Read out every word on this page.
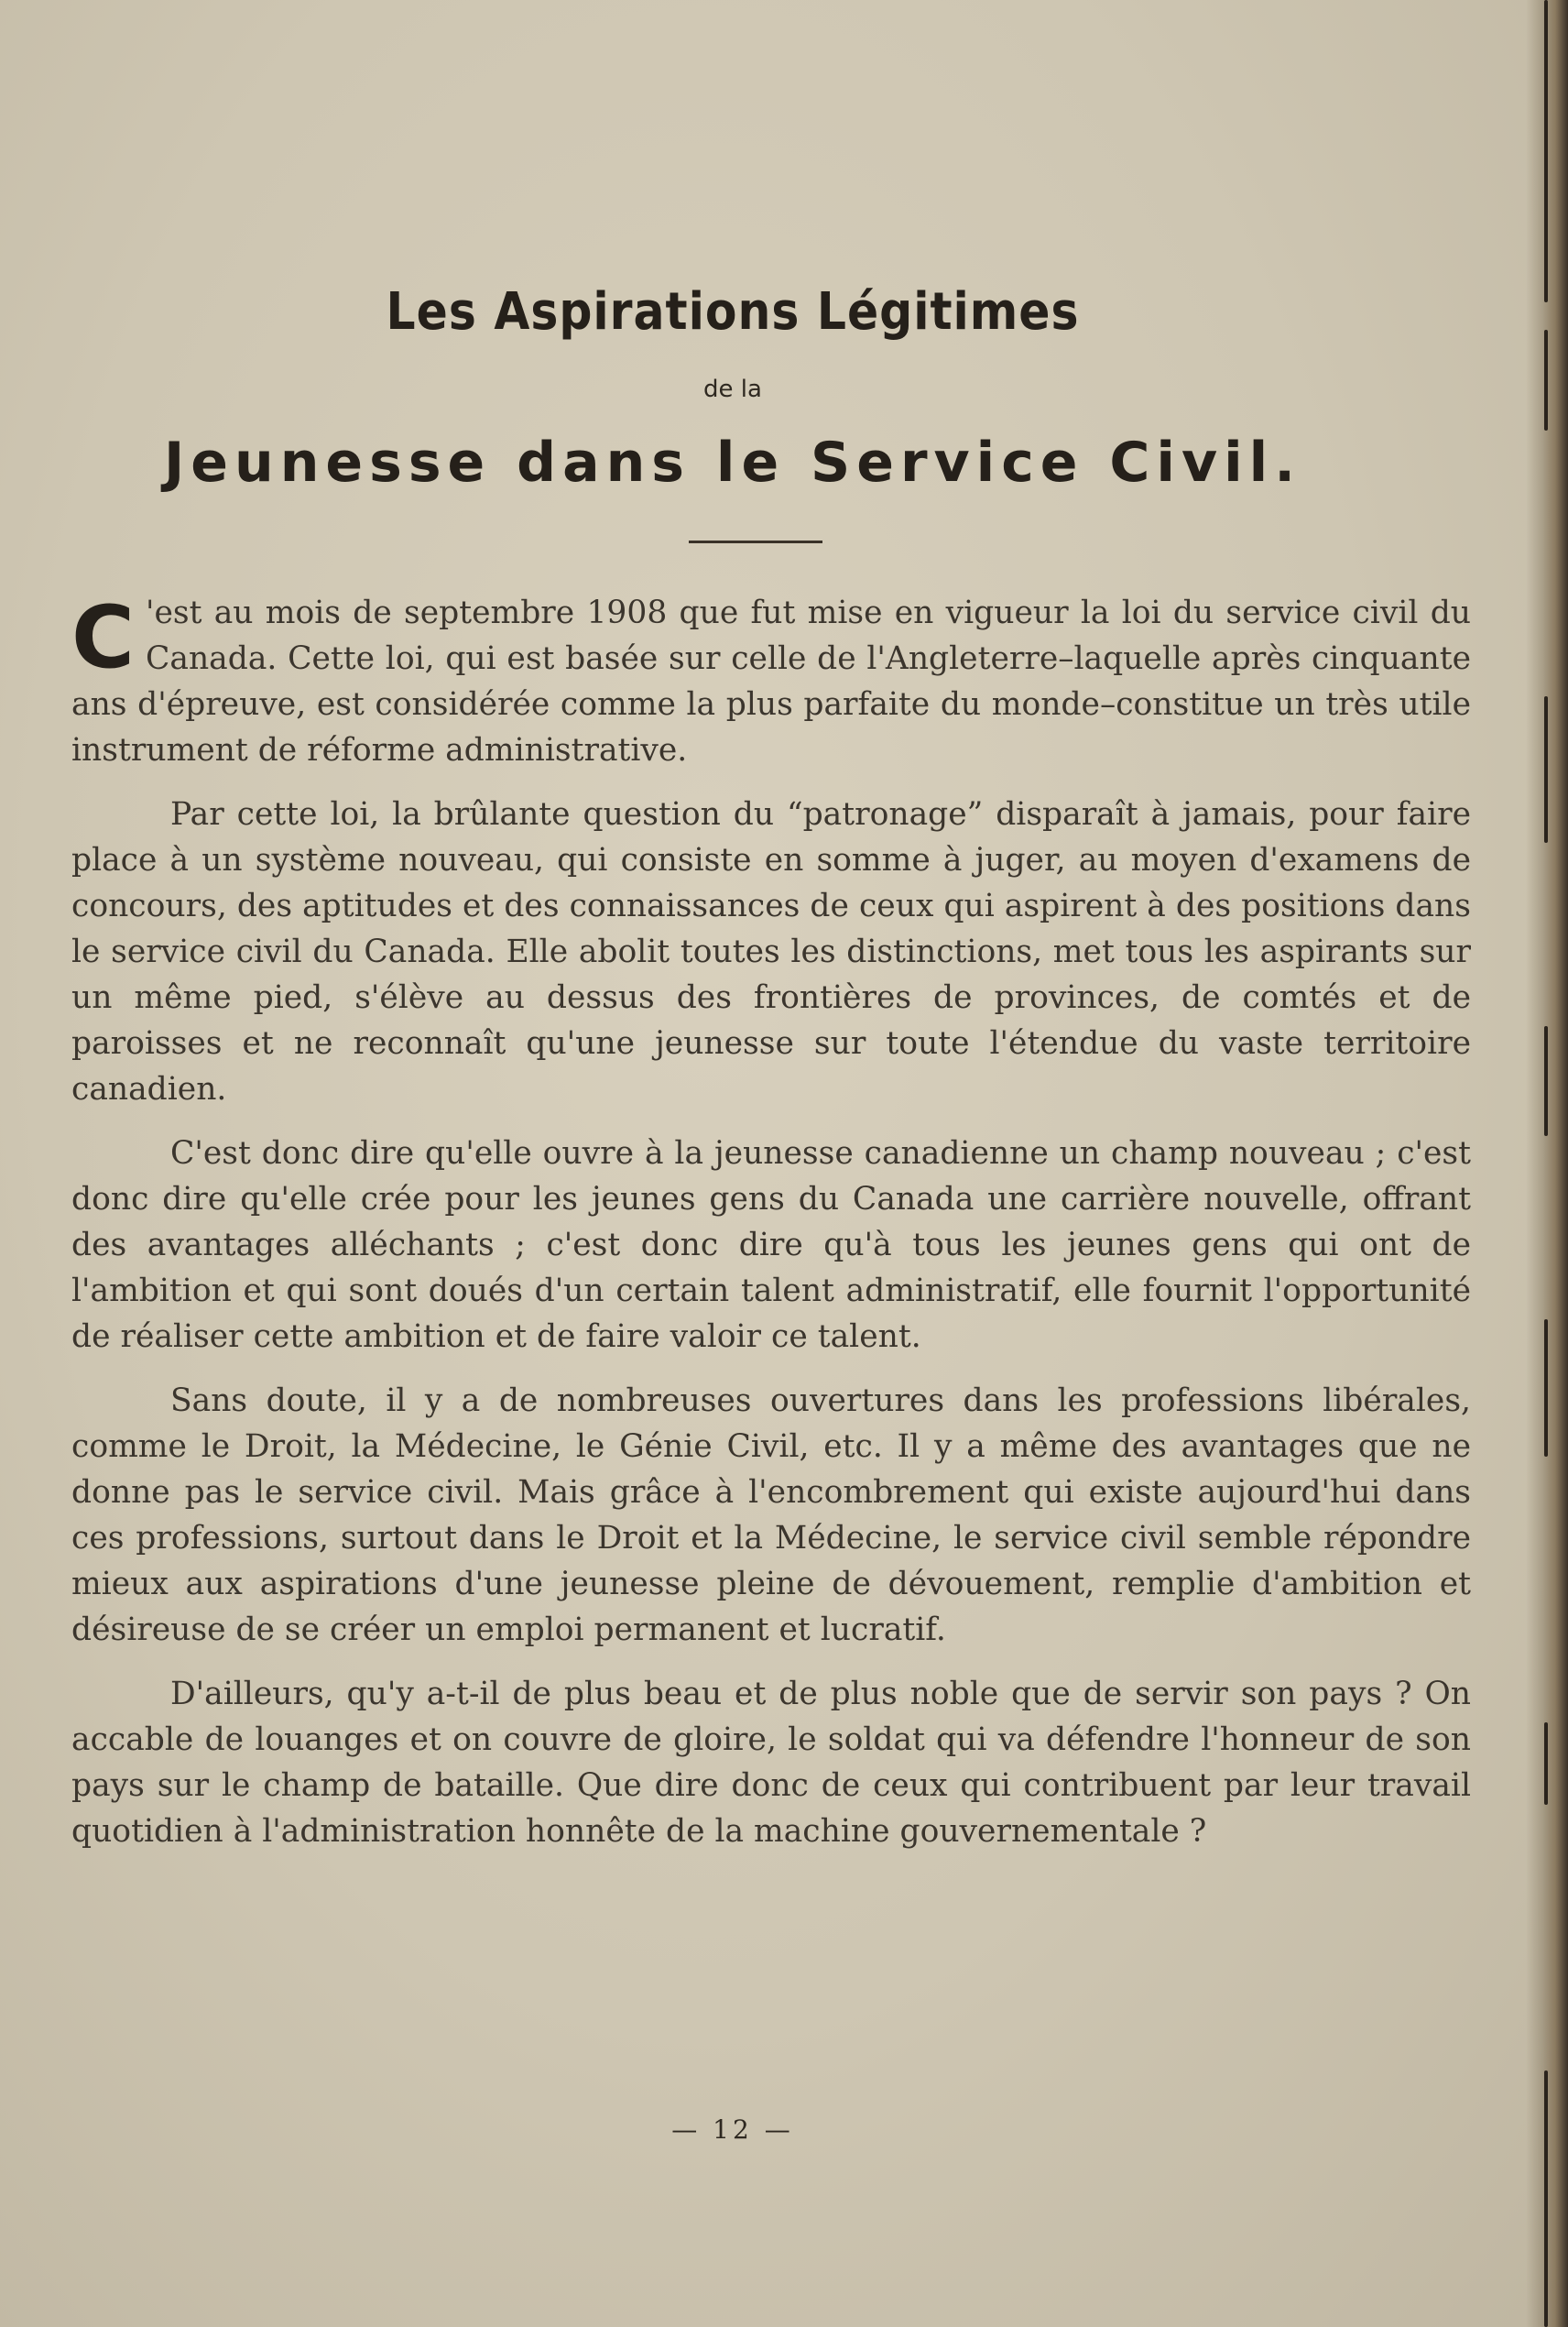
Les Aspirations Légitimes
de la
Jeunesse dans le Service Civil.

C 'est au mois de septembre 1908 que fut mise en vigueur la loi du service civil du Canada. Cette loi, qui est basée sur celle de l'Angleterre–laquelle après cinquante ans d'épreuve, est considérée comme la plus parfaite du monde–constitue un très utile instrument de réforme administrative.

Par cette loi, la brûlante question du “patronage” disparaît à jamais, pour faire place à un système nouveau, qui consiste en somme à juger, au moyen d'examens de concours, des aptitudes et des connaissances de ceux qui aspirent à des positions dans le service civil du Canada. Elle abolit toutes les distinctions, met tous les aspirants sur un même pied, s'élève au dessus des frontières de provinces, de comtés et de paroisses et ne reconnaît qu'une jeunesse sur toute l'étendue du vaste territoire canadien.

C'est donc dire qu'elle ouvre à la jeunesse canadienne un champ nouveau ; c'est donc dire qu'elle crée pour les jeunes gens du Canada une carrière nouvelle, offrant des avantages alléchants ; c'est donc dire qu'à tous les jeunes gens qui ont de l'ambition et qui sont doués d'un certain talent administratif, elle fournit l'opportunité de réaliser cette ambition et de faire valoir ce talent.

Sans doute, il y a de nombreuses ouvertures dans les professions libérales, comme le Droit, la Médecine, le Génie Civil, etc. Il y a même des avantages que ne donne pas le service civil. Mais grâce à l'encombrement qui existe aujourd'hui dans ces professions, surtout dans le Droit et la Médecine, le service civil semble répondre mieux aux aspirations d'une jeunesse pleine de dévouement, remplie d'ambition et désireuse de se créer un emploi permanent et lucratif.

D'ailleurs, qu'y a-t-il de plus beau et de plus noble que de servir son pays ? On accable de louanges et on couvre de gloire, le soldat qui va défendre l'honneur de son pays sur le champ de bataille. Que dire donc de ceux qui contribuent par leur travail quotidien à l'administration honnête de la machine gouvernementale ?

— 12 —
